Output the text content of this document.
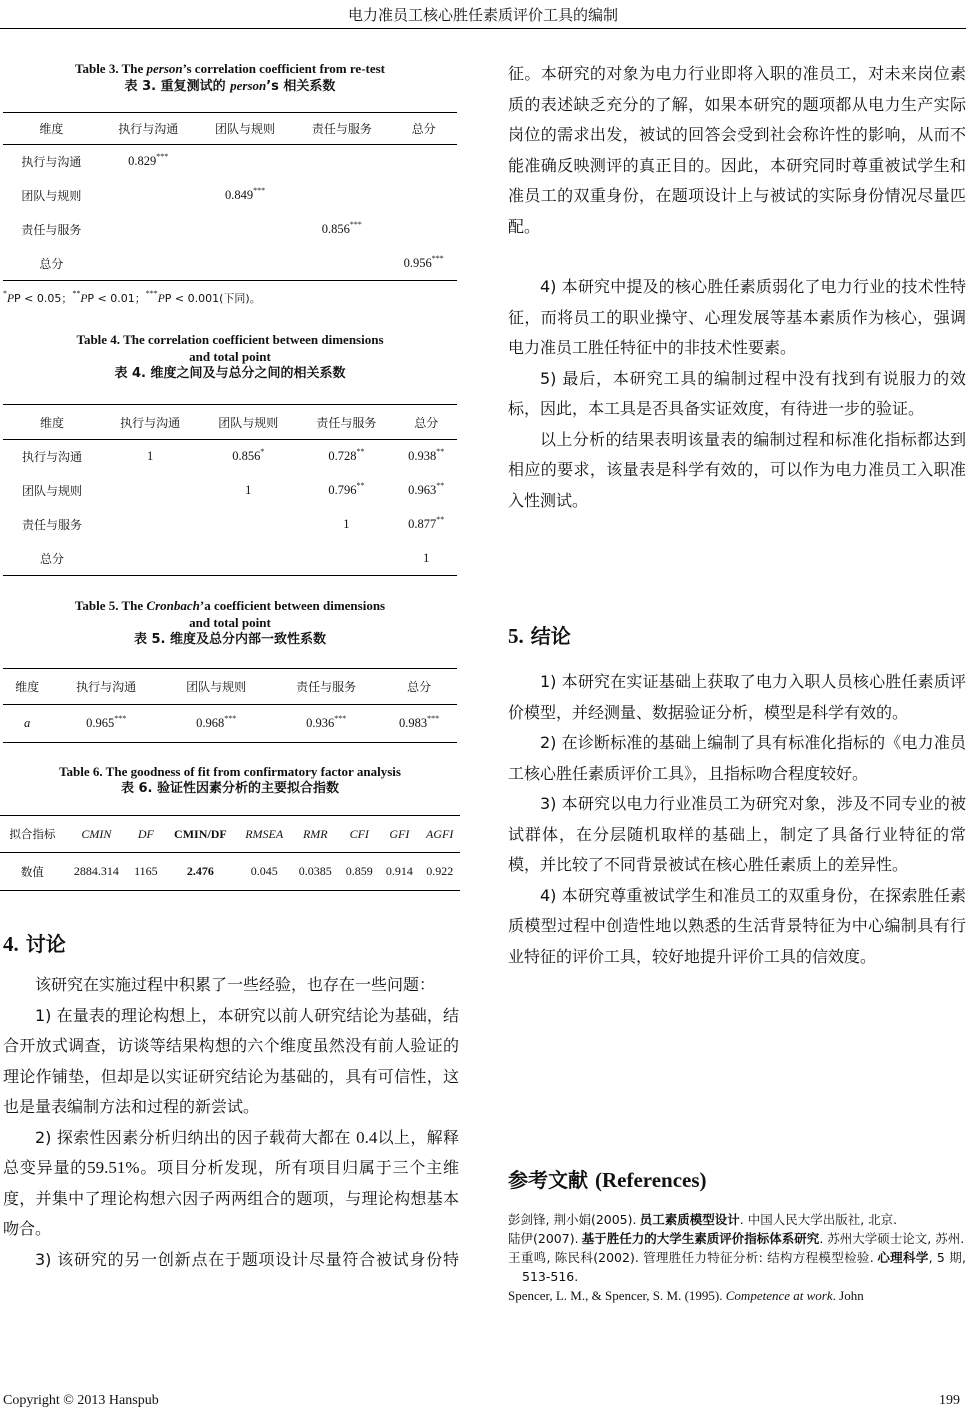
电力准员工核心胜任素质评价工具的编制
Table 3. The person’s correlation coefficient from re-test
表 3. 重复测试的 person’s 相关系数
维度	执行与沟通	团队与规则	责任与服务	总分
执行与沟通	0.829***			
团队与规则		0.849***		
责任与服务			0.856***	
总分				0.956***
*PP < 0.05；**PP < 0.01；***PP < 0.001(下同)。
Table 4. The correlation coefficient between dimensions
and total point
表 4. 维度之间及与总分之间的相关系数
维度	执行与沟通	团队与规则	责任与服务	总分
执行与沟通	1	0.856*	0.728**	0.938**
团队与规则		1	0.796**	0.963**
责任与服务			1	0.877**
总分				1
Table 5. The Cronbach’a coefficient between dimensions
and total point
表 5. 维度及总分内部一致性系数
维度	执行与沟通	团队与规则	责任与服务	总分
a	0.965***	0.968***	0.936***	0.983***
Table 6. The goodness of fit from confirmatory factor analysis
表 6. 验证性因素分析的主要拟合指数
拟合指标	CMIN	DF	CMIN/DF	RMSEA	RMR	CFI	GFI	AGFI
数值	2884.314	1165	2.476	0.045	0.0385	0.859	0.914	0.922
4. 讨论

该研究在实施过程中积累了一些经验，也存在一些问题：

1) 在量表的理论构想上，本研究以前人研究结论为基础，结合开放式调查，访谈等结果构想的六个维度虽然没有前人验证的理论作铺垫，但却是以实证研究结论为基础的，具有可信性，这也是量表编制方法和过程的新尝试。

2) 探索性因素分析归纳出的因子载荷大都在 0.4以上，解释总变异量的59.51%。项目分析发现，所有项目归属于三个主维度，并集中了理论构想六因子两两组合的题项，与理论构想基本吻合。

3) 该研究的另一创新点在于题项设计尽量符合被试身份特

征。本研究的对象为电力行业即将入职的准员工，对未来岗位素质的表述缺乏充分的了解，如果本研究的题项都从电力生产实际岗位的需求出发，被试的回答会受到社会称许性的影响，从而不能准确反映测评的真正目的。因此，本研究同时尊重被试学生和准员工的双重身份，在题项设计上与被试的实际身份情况尽量匹配。

4) 本研究中提及的核心胜任素质弱化了电力行业的技术性特征，而将员工的职业操守、心理发展等基本素质作为核心，强调电力准员工胜任特征中的非技术性要素。

5) 最后，本研究工具的编制过程中没有找到有说服力的效标，因此，本工具是否具备实证效度，有待进一步的验证。

以上分析的结果表明该量表的编制过程和标准化指标都达到相应的要求，该量表是科学有效的，可以作为电力准员工入职准入性测试。

5. 结论

1) 本研究在实证基础上获取了电力入职人员核心胜任素质评价模型，并经测量、数据验证分析，模型是科学有效的。

2) 在诊断标准的基础上编制了具有标准化指标的《电力准员工核心胜任素质评价工具》，且指标吻合程度较好。

3) 本研究以电力行业准员工为研究对象，涉及不同专业的被试群体，在分层随机取样的基础上，制定了具备行业特征的常模，并比较了不同背景被试在核心胜任素质上的差异性。

4) 本研究尊重被试学生和准员工的双重身份，在探索胜任素质模型过程中创造性地以熟悉的生活背景特征为中心编制具有行业特征的评价工具，较好地提升评价工具的信效度。

参考文献 (References)

彭剑锋, 荆小娟(2005). 员工素质模型设计. 中国人民大学出版社, 北京.

陆伊(2007). 基于胜任力的大学生素质评价指标体系研究. 苏州大学硕士论文, 苏州.

王重鸣, 陈民科(2002). 管理胜任力特征分析: 结构方程模型检验. 心理科学, 5 期, 513-516.

Spencer, L. M., & Spencer, S. M. (1995). Competence at work. John

Copyright © 2013 Hanspub	199
